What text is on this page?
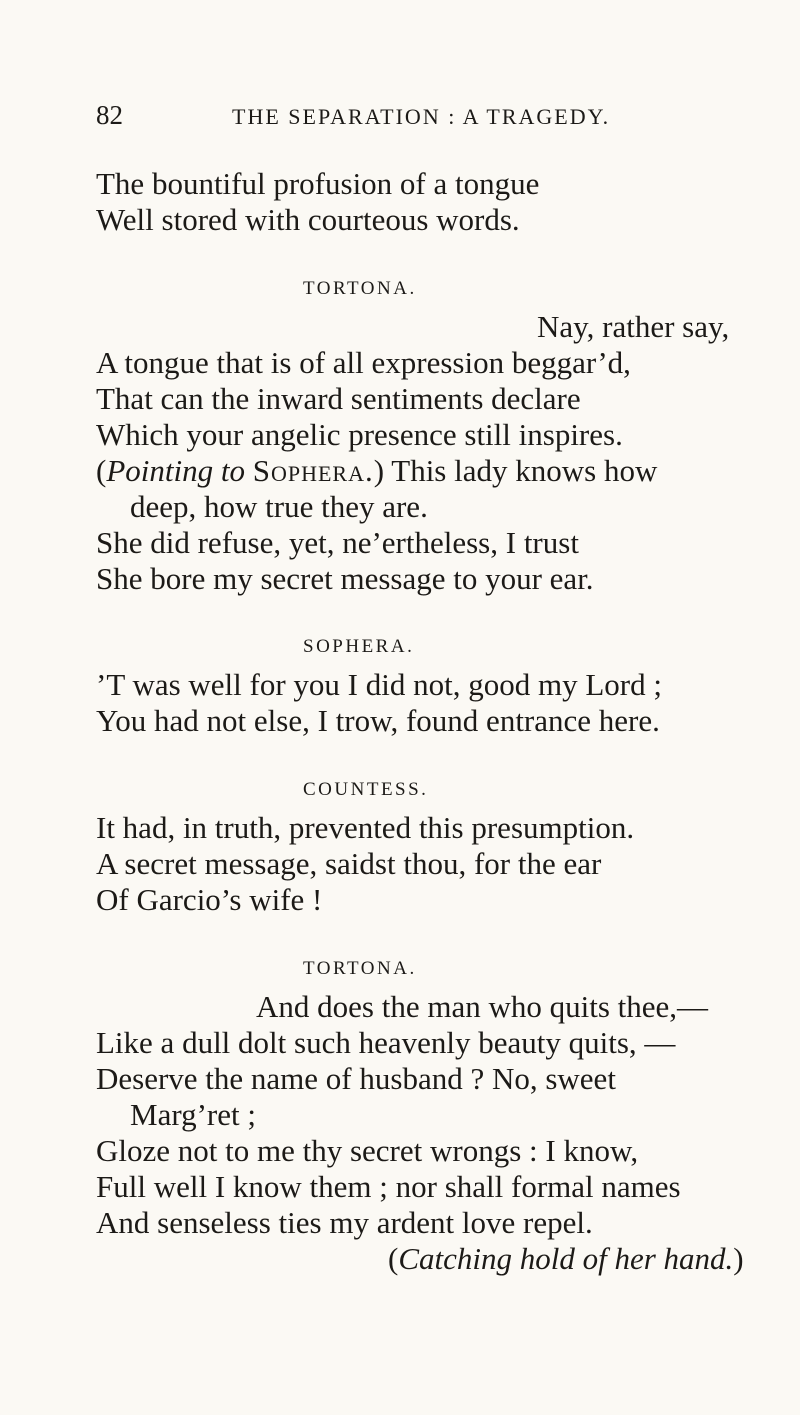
82	THE SEPARATION : A TRAGEDY.
The bountiful profusion of a tongue
Well stored with courteous words.
TORTONA.
Nay, rather say,
A tongue that is of all expression beggar’d,
That can the inward sentiments declare
Which your angelic presence still inspires.
(Pointing to Sophera.) This lady knows how
deep, how true they are.
She did refuse, yet, ne’ertheless, I trust
She bore my secret message to your ear.
SOPHERA.
’T was well for you I did not, good my Lord ;
You had not else, I trow, found entrance here.
COUNTESS.
It had, in truth, prevented this presumption.
A secret message, saidst thou, for the ear
Of Garcio’s wife !
TORTONA.
And does the man who quits thee,—
Like a dull dolt such heavenly beauty quits, —
Deserve the name of husband ? No, sweet
Marg’ret ;
Gloze not to me thy secret wrongs : I know,
Full well I know them ; nor shall formal names
And senseless ties my ardent love repel.
(Catching hold of her hand.)
